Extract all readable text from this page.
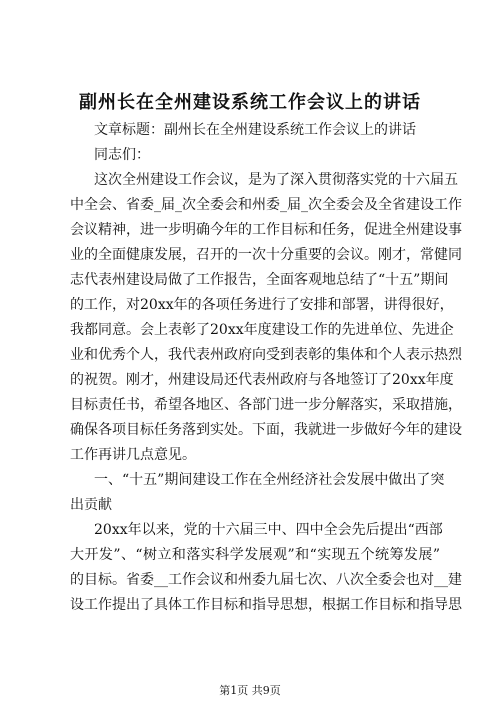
副州长在全州建设系统工作会议上的讲话
文章标题：副州长在全州建设系统工作会议上的讲话
同志们：
这次全州建设工作会议，是为了深入贯彻落实党的十六届五
中全会、省委_届_次全委会和州委_届_次全委会及全省建设工作
会议精神，进一步明确今年的工作目标和任务，促进全州建设事
业的全面健康发展，召开的一次十分重要的会议。刚才，常健同
志代表州建设局做了工作报告，全面客观地总结了“十五”期间
的工作，对20xx年的各项任务进行了安排和部署，讲得很好，
我都同意。会上表彰了20xx年度建设工作的先进单位、先进企
业和优秀个人，我代表州政府向受到表彰的集体和个人表示热烈
的祝贺。刚才，州建设局还代表州政府与各地签订了20xx年度
目标责任书，希望各地区、各部门进一步分解落实，采取措施，
确保各项目标任务落到实处。下面，我就进一步做好今年的建设
工作再讲几点意见。
一、“十五”期间建设工作在全州经济社会发展中做出了突
出贡献
20xx年以来，党的十六届三中、四中全会先后提出“西部
大开发”、“树立和落实科学发展观”和“实现五个统筹发展”
的目标。省委__工作会议和州委九届七次、八次全委会也对__建
设工作提出了具体工作目标和指导思想，根据工作目标和指导思
第1页 共9页
